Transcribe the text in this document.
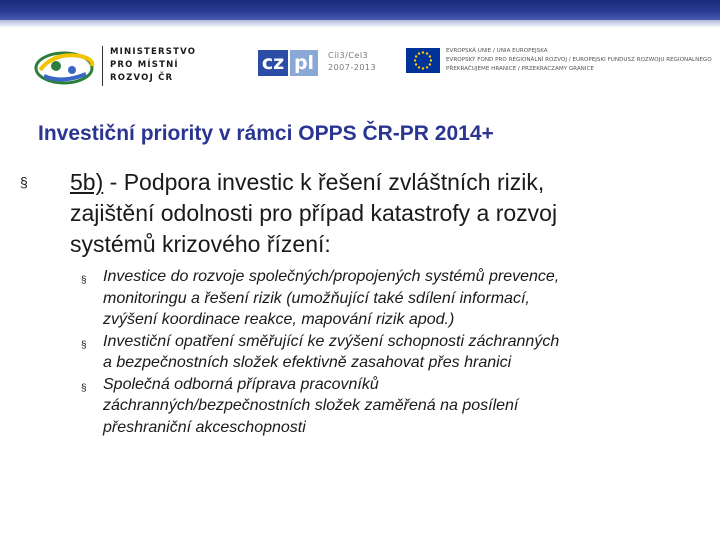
MINISTERSTVO
PRO MÍSTNÍ
ROZVOJ ČR
cz pl	Cíl3/Cel3
2007-2013
EVROPSKÁ UNIE / UNIA EUROPEJSKA
EVROPSKÝ FOND PRO REGIONÁLNÍ ROZVOJ / EUROPEJSKI FUNDUSZ ROZWOJU REGIONALNEGO
PŘEKRAČUJEME HRANICE / PRZEKRACZAMY GRANICE
Investiční priority v rámci OPPS ČR-PR 2014+
§ 5b) - Podpora investic k řešení zvláštních rizik,
zajištění odolnosti pro případ katastrofy a rozvoj
systémů krizového řízení:
§ Investice do rozvoje společných/propojených systémů prevence,
monitoringu a řešení rizik (umožňující také sdílení informací,
zvýšení koordinace reakce, mapování rizik apod.)
§ Investiční opatření směřující ke zvýšení schopnosti záchranných
a bezpečnostních složek efektivně zasahovat přes hranici
§ Společná odborná příprava pracovníků
záchranných/bezpečnostních složek zaměřená na posílení
přeshraniční akceschopnosti
